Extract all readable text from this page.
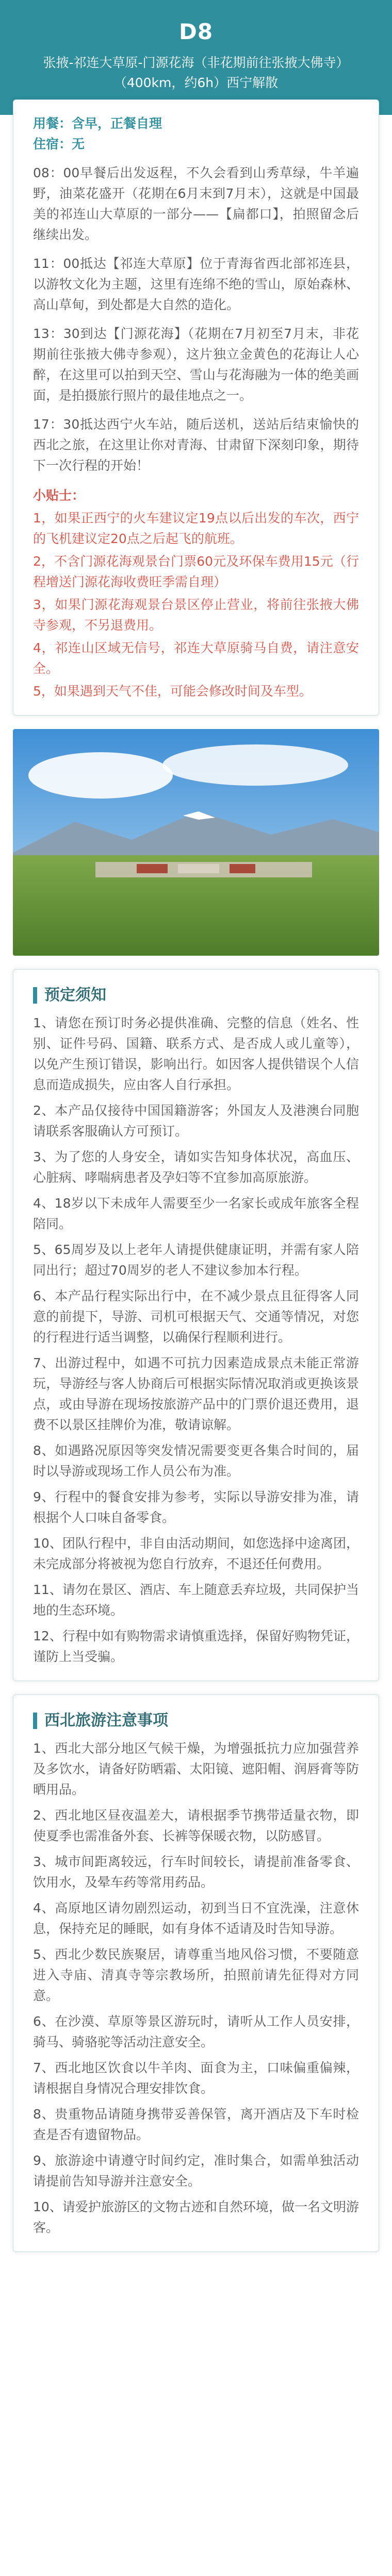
D8
张掖-祁连大草原-门源花海（非花期前往张掖大佛寺）（400km，约6h）西宁解散
用餐：含早，正餐自理
住宿：无

08：00早餐后出发返程，不久会看到山秀草绿，牛羊遍野，油菜花盛开（花期在6月末到7月末），这就是中国最美的祁连山大草原的一部分——【扁都口】，拍照留念后继续出发。

11：00抵达【祁连大草原】位于青海省西北部祁连县，以游牧文化为主题，这里有连绵不绝的雪山，原始森林、高山草甸，到处都是大自然的造化。

13：30到达【门源花海】（花期在7月初至7月末，非花期前往张掖大佛寺参观），这片独立金黄色的花海让人心醉，在这里可以拍到天空、雪山与花海融为一体的绝美画面，是拍摄旅行照片的最佳地点之一。

17：30抵达西宁火车站，随后送机，送站后结束愉快的西北之旅，在这里让你对青海、甘肃留下深刻印象，期待下一次行程的开始！

小贴士：

1，如果正西宁的火车建议定19点以后出发的车次，西宁的飞机建议定20点之后起飞的航班。

2，不含门源花海观景台门票60元及环保车费用15元（行程增送门源花海收费旺季需自理）

3，如果门源花海观景台景区停止营业，将前往张掖大佛寺参观，不另退费用。

4，祁连山区域无信号，祁连大草原骑马自费，请注意安全。

5，如果遇到天气不佳，可能会修改时间及车型。

预定须知

1、请您在预订时务必提供准确、完整的信息（姓名、性别、证件号码、国籍、联系方式、是否成人或儿童等），以免产生预订错误，影响出行。如因客人提供错误个人信息而造成损失，应由客人自行承担。

2、本产品仅接待中国国籍游客；外国友人及港澳台同胞请联系客服确认方可预订。

3、为了您的人身安全，请如实告知身体状况，高血压、心脏病、哮喘病患者及孕妇等不宜参加高原旅游。

4、18岁以下未成年人需要至少一名家长或成年旅客全程陪同。

5、65周岁及以上老年人请提供健康证明，并需有家人陪同出行；超过70周岁的老人不建议参加本行程。

6、本产品行程实际出行中，在不减少景点且征得客人同意的前提下，导游、司机可根据天气、交通等情况，对您的行程进行适当调整，以确保行程顺利进行。

7、出游过程中，如遇不可抗力因素造成景点未能正常游玩，导游经与客人协商后可根据实际情况取消或更换该景点，或由导游在现场按旅游产品中的门票价退还费用，退费不以景区挂牌价为准，敬请谅解。

8、如遇路况原因等突发情况需要变更各集合时间的，届时以导游或现场工作人员公布为准。

9、行程中的餐食安排为参考，实际以导游安排为准，请根据个人口味自备零食。

10、团队行程中，非自由活动期间，如您选择中途离团，未完成部分将被视为您自行放弃，不退还任何费用。

11、请勿在景区、酒店、车上随意丢弃垃圾，共同保护当地的生态环境。

12、行程中如有购物需求请慎重选择，保留好购物凭证，谨防上当受骗。

西北旅游注意事项

1、西北大部分地区气候干燥，为增强抵抗力应加强营养及多饮水，请备好防晒霜、太阳镜、遮阳帽、润唇膏等防晒用品。

2、西北地区昼夜温差大，请根据季节携带适量衣物，即使夏季也需准备外套、长裤等保暖衣物，以防感冒。

3、城市间距离较远，行车时间较长，请提前准备零食、饮用水，及晕车药等常用药品。

4、高原地区请勿剧烈运动，初到当日不宜洗澡，注意休息，保持充足的睡眠，如有身体不适请及时告知导游。

5、西北少数民族聚居，请尊重当地风俗习惯，不要随意进入寺庙、清真寺等宗教场所，拍照前请先征得对方同意。

6、在沙漠、草原等景区游玩时，请听从工作人员安排，骑马、骑骆驼等活动注意安全。

7、西北地区饮食以牛羊肉、面食为主，口味偏重偏辣，请根据自身情况合理安排饮食。

8、贵重物品请随身携带妥善保管，离开酒店及下车时检查是否有遗留物品。

9、旅游途中请遵守时间约定，准时集合，如需单独活动请提前告知导游并注意安全。

10、请爱护旅游区的文物古迹和自然环境，做一名文明游客。
